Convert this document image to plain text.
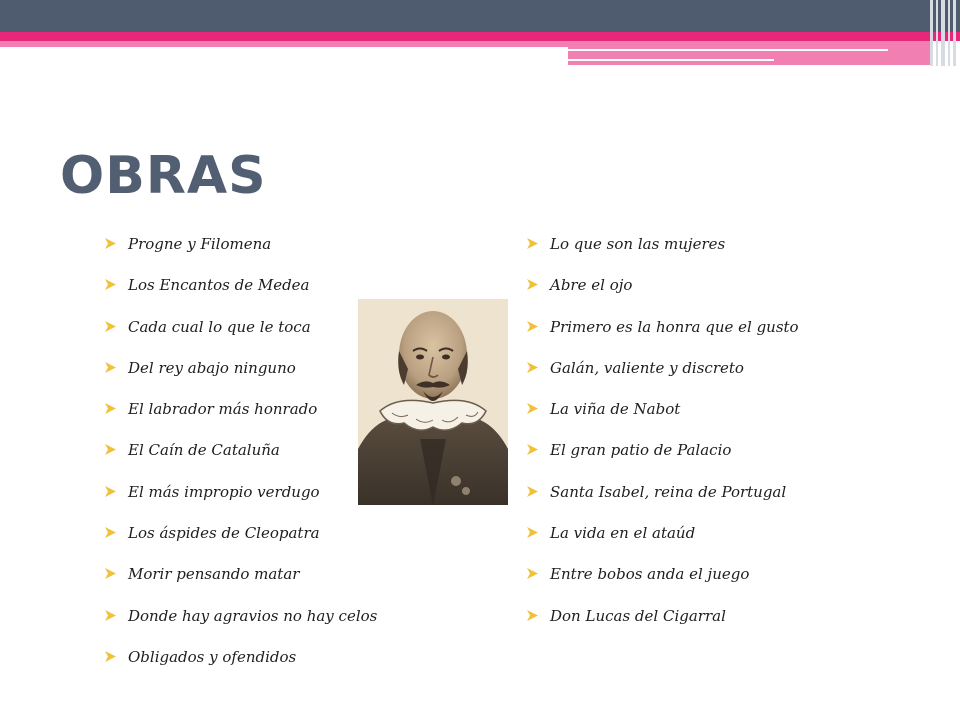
OBRAS
Progne y Filomena
Los Encantos de Medea
Cada cual lo que le toca
Del rey abajo ninguno
El labrador más honrado
El Caín de Cataluña
El más impropio verdugo
Los áspides de Cleopatra
Morir pensando matar
Donde hay agravios no hay celos
Obligados y ofendidos
Lo que son las mujeres
Abre el ojo
Primero es la honra que el gusto
Galán, valiente y discreto
La viña de Nabot
El gran patio de Palacio
Santa Isabel, reina de Portugal
La vida en el ataúd
Entre bobos anda el juego
Don Lucas del Cigarral
